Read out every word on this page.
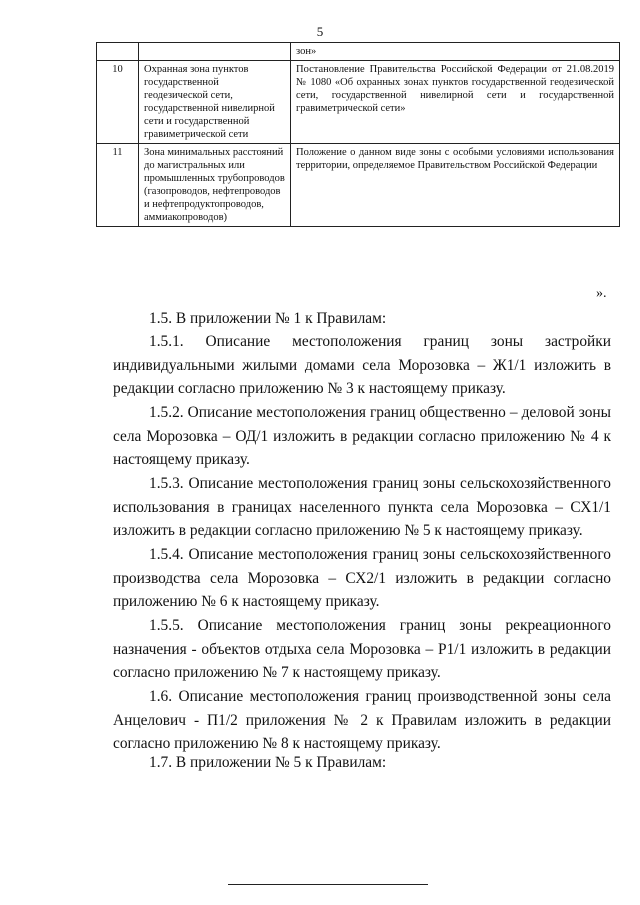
5
		зон»
10	Охранная зона пунктов государственной геодезической сети, государственной нивелирной сети и государственной гравиметрической сети	Постановление Правительства Российской Федерации от 21.08.2019 № 1080 «Об охранных зонах пунктов государственной геодезической сети, государственной нивелирной сети и государственной гравиметрической сети»
11	Зона минимальных расстояний до магистральных или промышленных трубопроводов (газопроводов, нефтепроводов и нефтепродуктопроводов, аммиакопроводов)	Положение о данном виде зоны с особыми условиями использования территории, определяемое Правительством Российской Федерации
».

1.5. В приложении № 1 к Правилам:

1.5.1. Описание местоположения границ зоны застройки индивидуальными жилыми домами села Морозовка – Ж1/1 изложить в редакции согласно приложению № 3 к настоящему приказу.

1.5.2. Описание местоположения границ общественно – деловой зоны села Морозовка – ОД/1 изложить в редакции согласно приложению № 4 к настоящему приказу.

1.5.3. Описание местоположения границ зоны сельскохозяйственного использования в границах населенного пункта села Морозовка – СХ1/1 изложить в редакции согласно приложению № 5 к настоящему приказу.

1.5.4. Описание местоположения границ зоны сельскохозяйственного производства села Морозовка – СХ2/1 изложить в редакции согласно приложению № 6 к настоящему приказу.

1.5.5. Описание местоположения границ зоны рекреационного назначения - объектов отдыха села Морозовка – Р1/1 изложить в редакции согласно приложению № 7 к настоящему приказу.

1.6. Описание местоположения границ производственной зоны села Анцелович - П1/2 приложения № 2 к Правилам изложить в редакции согласно приложению № 8 к настоящему приказу.

1.7. В приложении № 5 к Правилам:
